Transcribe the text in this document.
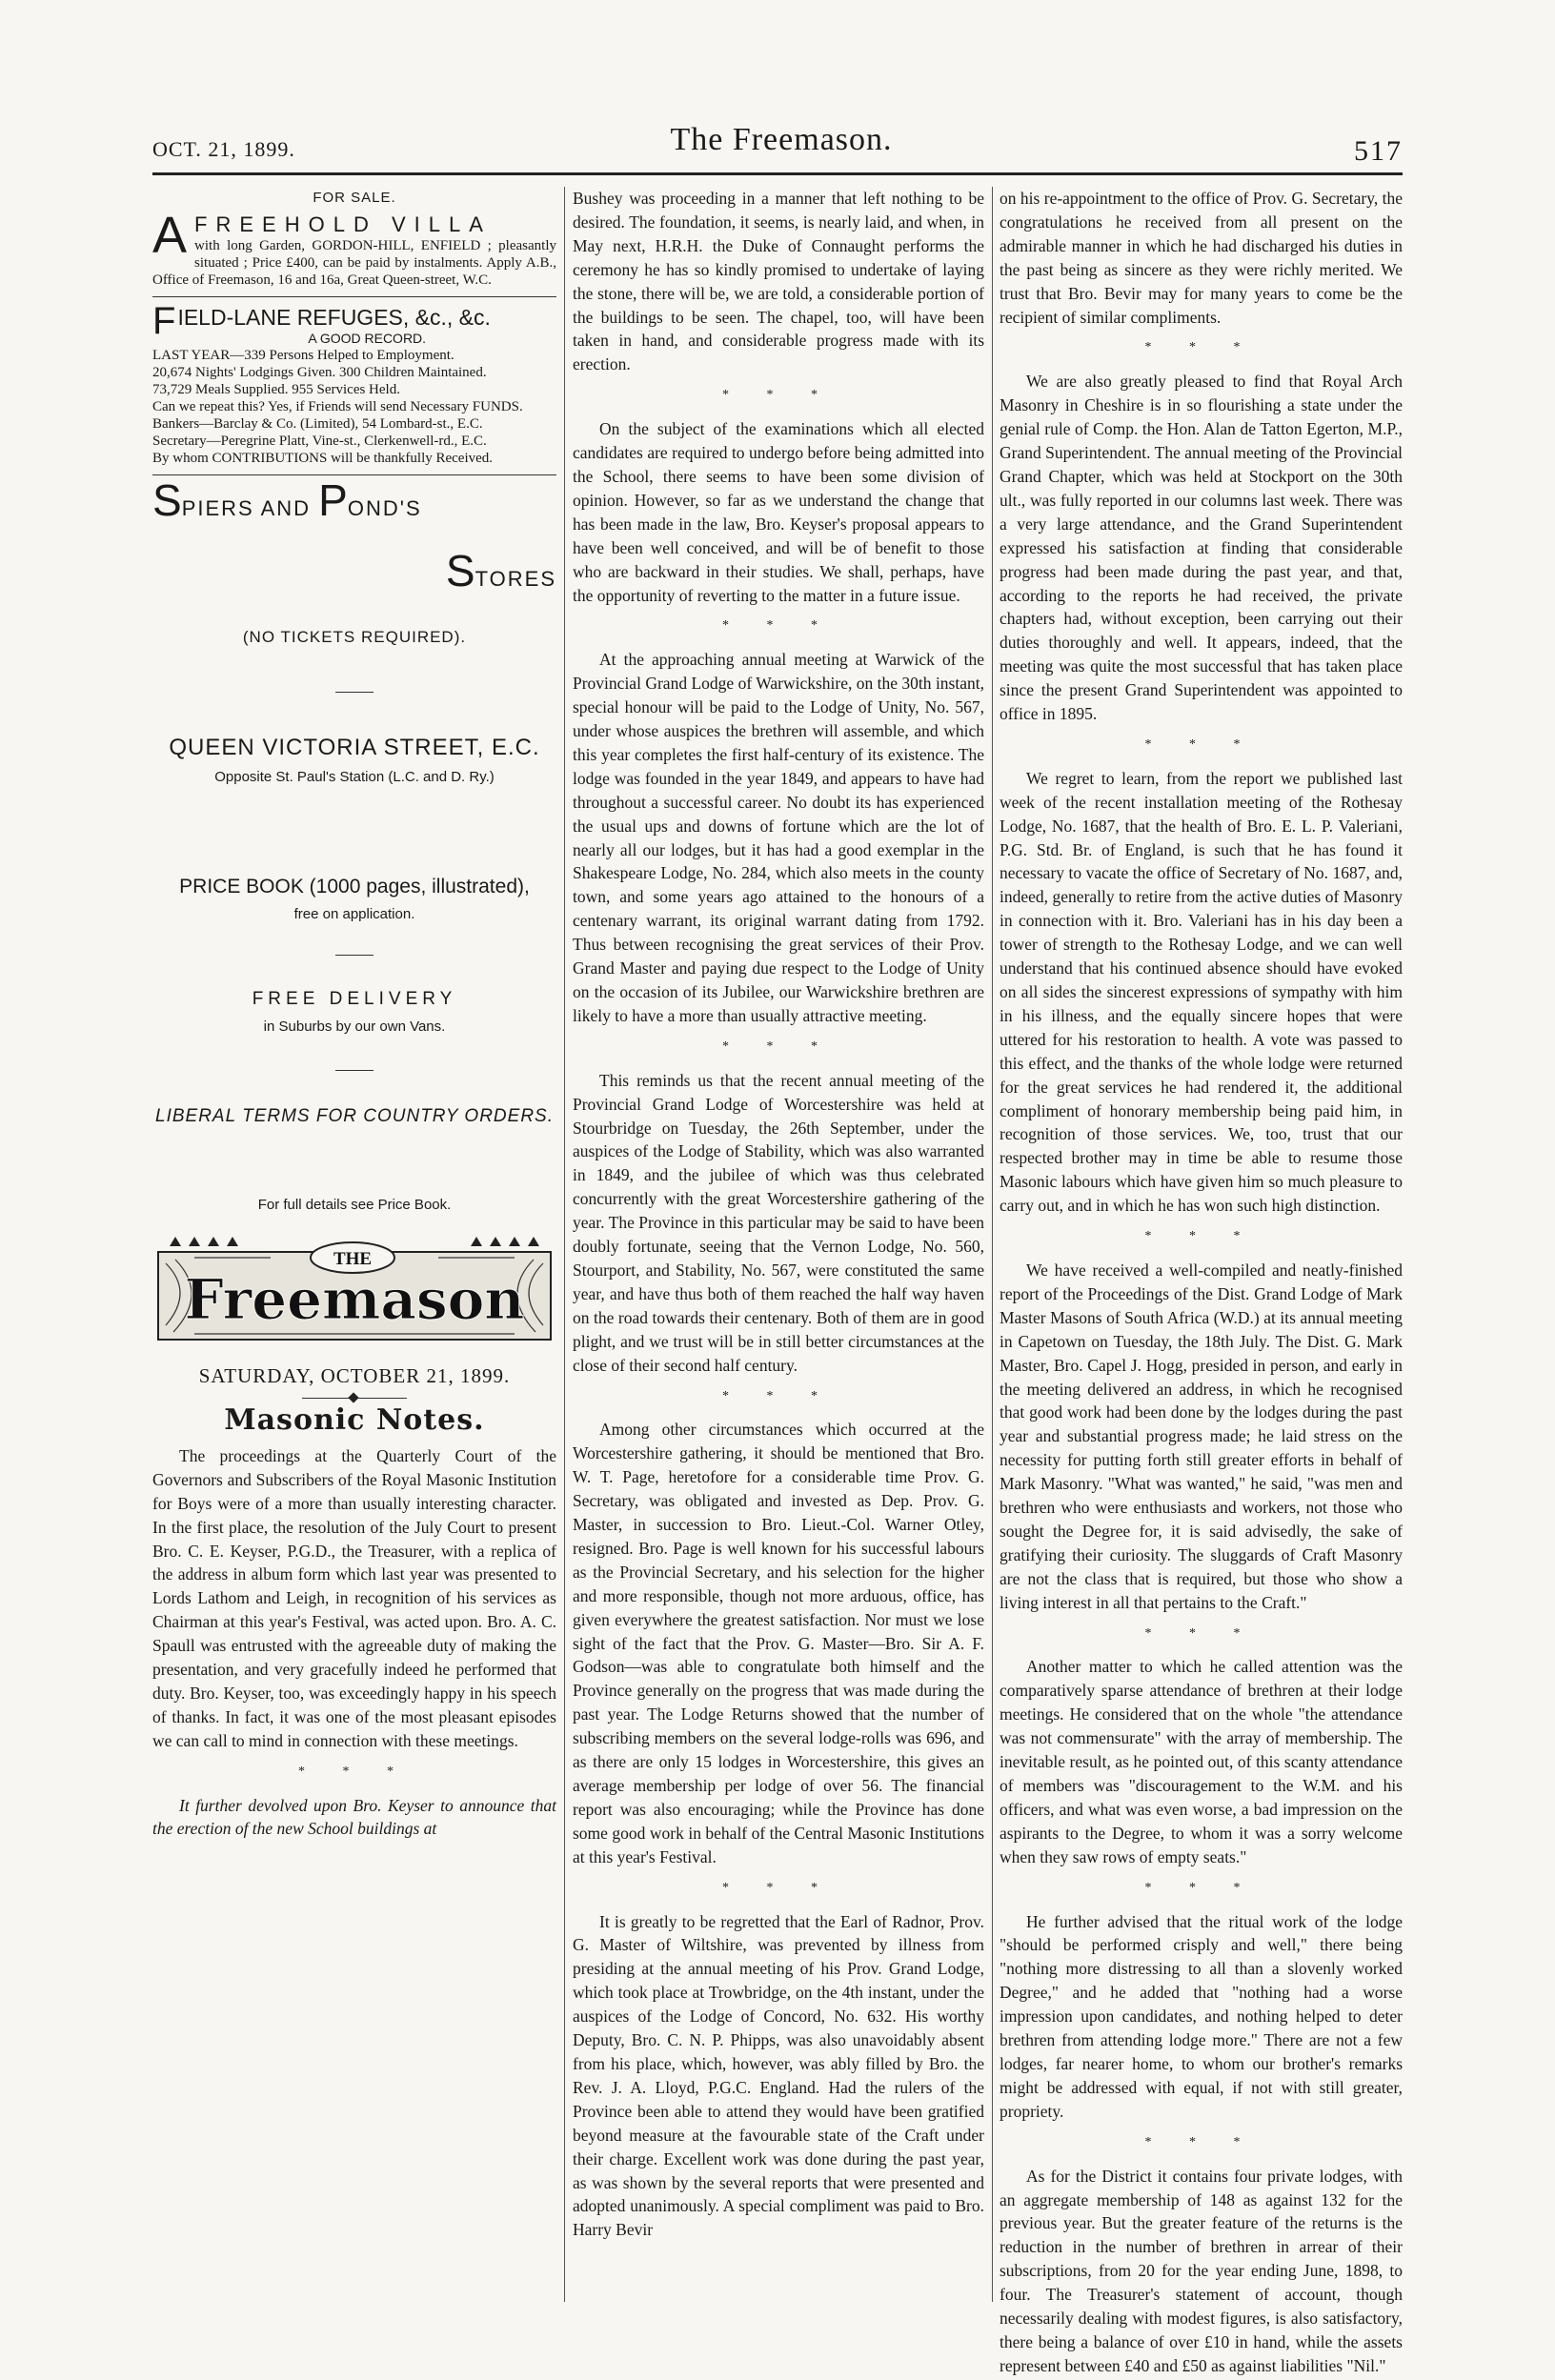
OCT. 21, 1899.	The Freemason.	517
FOR SALE.
A FREEHOLD VILLA
with long Garden, GORDON-HILL, ENFIELD ; pleasantly situated ; Price £400, can be paid by instalments. Apply A.B., Office of Freemason, 16 and 16a, Great Queen-street, W.C.
FIELD-LANE REFUGES, &c., &c.
A GOOD RECORD.
LAST YEAR—339 Persons Helped to Employment.
20,674 Nights' Lodgings Given. 300 Children Maintained.
73,729 Meals Supplied. 955 Services Held.
Can we repeat this? Yes, if Friends will send Necessary FUNDS.
Bankers—Barclay & Co. (Limited), 54 Lombard-st., E.C.
Secretary—Peregrine Platt, Vine-st., Clerkenwell-rd., E.C.
By whom CONTRIBUTIONS will be thankfully Received.
SPIERS AND POND'S
STORES
(NO TICKETS REQUIRED).
QUEEN VICTORIA STREET, E.C.
Opposite St. Paul's Station (L.C. and D. Ry.)
PRICE BOOK (1000 pages, illustrated),
free on application.
FREE DELIVERY
in Suburbs by our own Vans.
LIBERAL TERMS FOR COUNTRY ORDERS.
For full details see Price Book.
THE
Freemason
SATURDAY, OCTOBER 21, 1899.
Masonic Notes.

The proceedings at the Quarterly Court of the Governors and Subscribers of the Royal Masonic Institution for Boys were of a more than usually interesting character. In the first place, the resolution of the July Court to present Bro. C. E. Keyser, P.G.D., the Treasurer, with a replica of the address in album form which last year was presented to Lords Lathom and Leigh, in recognition of his services as Chairman at this year's Festival, was acted upon. Bro. A. C. Spaull was entrusted with the agreeable duty of making the presentation, and very gracefully indeed he performed that duty. Bro. Keyser, too, was exceedingly happy in his speech of thanks. In fact, it was one of the most pleasant episodes we can call to mind in connection with these meetings.

* * *

It further devolved upon Bro. Keyser to announce that the erection of the new School buildings at

Bushey was proceeding in a manner that left nothing to be desired. The foundation, it seems, is nearly laid, and when, in May next, H.R.H. the Duke of Connaught performs the ceremony he has so kindly promised to undertake of laying the stone, there will be, we are told, a considerable portion of the buildings to be seen. The chapel, too, will have been taken in hand, and considerable progress made with its erection.

* * *

On the subject of the examinations which all elected candidates are required to undergo before being admitted into the School, there seems to have been some division of opinion. However, so far as we understand the change that has been made in the law, Bro. Keyser's proposal appears to have been well conceived, and will be of benefit to those who are backward in their studies. We shall, perhaps, have the opportunity of reverting to the matter in a future issue.

* * *

At the approaching annual meeting at Warwick of the Provincial Grand Lodge of Warwickshire, on the 30th instant, special honour will be paid to the Lodge of Unity, No. 567, under whose auspices the brethren will assemble, and which this year completes the first half-century of its existence. The lodge was founded in the year 1849, and appears to have had throughout a successful career. No doubt its has experienced the usual ups and downs of fortune which are the lot of nearly all our lodges, but it has had a good exemplar in the Shakespeare Lodge, No. 284, which also meets in the county town, and some years ago attained to the honours of a centenary warrant, its original warrant dating from 1792. Thus between recognising the great services of their Prov. Grand Master and paying due respect to the Lodge of Unity on the occasion of its Jubilee, our Warwickshire brethren are likely to have a more than usually attractive meeting.

* * *

This reminds us that the recent annual meeting of the Provincial Grand Lodge of Worcestershire was held at Stourbridge on Tuesday, the 26th September, under the auspices of the Lodge of Stability, which was also warranted in 1849, and the jubilee of which was thus celebrated concurrently with the great Worcestershire gathering of the year. The Province in this particular may be said to have been doubly fortunate, seeing that the Vernon Lodge, No. 560, Stourport, and Stability, No. 567, were constituted the same year, and have thus both of them reached the half way haven on the road towards their centenary. Both of them are in good plight, and we trust will be in still better circumstances at the close of their second half century.

* * *

Among other circumstances which occurred at the Worcestershire gathering, it should be mentioned that Bro. W. T. Page, heretofore for a considerable time Prov. G. Secretary, was obligated and invested as Dep. Prov. G. Master, in succession to Bro. Lieut.-Col. Warner Otley, resigned. Bro. Page is well known for his successful labours as the Provincial Secretary, and his selection for the higher and more responsible, though not more arduous, office, has given everywhere the greatest satisfaction. Nor must we lose sight of the fact that the Prov. G. Master—Bro. Sir A. F. Godson—was able to congratulate both himself and the Province generally on the progress that was made during the past year. The Lodge Returns showed that the number of subscribing members on the several lodge-rolls was 696, and as there are only 15 lodges in Worcestershire, this gives an average membership per lodge of over 56. The financial report was also encouraging; while the Province has done some good work in behalf of the Central Masonic Institutions at this year's Festival.

* * *

It is greatly to be regretted that the Earl of Radnor, Prov. G. Master of Wiltshire, was prevented by illness from presiding at the annual meeting of his Prov. Grand Lodge, which took place at Trowbridge, on the 4th instant, under the auspices of the Lodge of Concord, No. 632. His worthy Deputy, Bro. C. N. P. Phipps, was also unavoidably absent from his place, which, however, was ably filled by Bro. the Rev. J. A. Lloyd, P.G.C. England. Had the rulers of the Province been able to attend they would have been gratified beyond measure at the favourable state of the Craft under their charge. Excellent work was done during the past year, as was shown by the several reports that were presented and adopted unanimously. A special compliment was paid to Bro. Harry Bevir

on his re-appointment to the office of Prov. G. Secretary, the congratulations he received from all present on the admirable manner in which he had discharged his duties in the past being as sincere as they were richly merited. We trust that Bro. Bevir may for many years to come be the recipient of similar compliments.

* * *

We are also greatly pleased to find that Royal Arch Masonry in Cheshire is in so flourishing a state under the genial rule of Comp. the Hon. Alan de Tatton Egerton, M.P., Grand Superintendent. The annual meeting of the Provincial Grand Chapter, which was held at Stockport on the 30th ult., was fully reported in our columns last week. There was a very large attendance, and the Grand Superintendent expressed his satisfaction at finding that considerable progress had been made during the past year, and that, according to the reports he had received, the private chapters had, without exception, been carrying out their duties thoroughly and well. It appears, indeed, that the meeting was quite the most successful that has taken place since the present Grand Superintendent was appointed to office in 1895.

* * *

We regret to learn, from the report we published last week of the recent installation meeting of the Rothesay Lodge, No. 1687, that the health of Bro. E. L. P. Valeriani, P.G. Std. Br. of England, is such that he has found it necessary to vacate the office of Secretary of No. 1687, and, indeed, generally to retire from the active duties of Masonry in connection with it. Bro. Valeriani has in his day been a tower of strength to the Rothesay Lodge, and we can well understand that his continued absence should have evoked on all sides the sincerest expressions of sympathy with him in his illness, and the equally sincere hopes that were uttered for his restoration to health. A vote was passed to this effect, and the thanks of the whole lodge were returned for the great services he had rendered it, the additional compliment of honorary membership being paid him, in recognition of those services. We, too, trust that our respected brother may in time be able to resume those Masonic labours which have given him so much pleasure to carry out, and in which he has won such high distinction.

* * *

We have received a well-compiled and neatly-finished report of the Proceedings of the Dist. Grand Lodge of Mark Master Masons of South Africa (W.D.) at its annual meeting in Capetown on Tuesday, the 18th July. The Dist. G. Mark Master, Bro. Capel J. Hogg, presided in person, and early in the meeting delivered an address, in which he recognised that good work had been done by the lodges during the past year and substantial progress made; he laid stress on the necessity for putting forth still greater efforts in behalf of Mark Masonry. "What was wanted," he said, "was men and brethren who were enthusiasts and workers, not those who sought the Degree for, it is said advisedly, the sake of gratifying their curiosity. The sluggards of Craft Masonry are not the class that is required, but those who show a living interest in all that pertains to the Craft."

* * *

Another matter to which he called attention was the comparatively sparse attendance of brethren at their lodge meetings. He considered that on the whole "the attendance was not commensurate" with the array of membership. The inevitable result, as he pointed out, of this scanty attendance of members was "discouragement to the W.M. and his officers, and what was even worse, a bad impression on the aspirants to the Degree, to whom it was a sorry welcome when they saw rows of empty seats."

* * *

He further advised that the ritual work of the lodge "should be performed crisply and well," there being "nothing more distressing to all than a slovenly worked Degree," and he added that "nothing had a worse impression upon candidates, and nothing helped to deter brethren from attending lodge more." There are not a few lodges, far nearer home, to whom our brother's remarks might be addressed with equal, if not with still greater, propriety.

* * *

As for the District it contains four private lodges, with an aggregate membership of 148 as against 132 for the previous year. But the greater feature of the returns is the reduction in the number of brethren in arrear of their subscriptions, from 20 for the year ending June, 1898, to four. The Treasurer's statement of account, though necessarily dealing with modest figures, is also satisfactory, there being a balance of over £10 in hand, while the assets represent between £40 and £50 as against liabilities "Nil."
